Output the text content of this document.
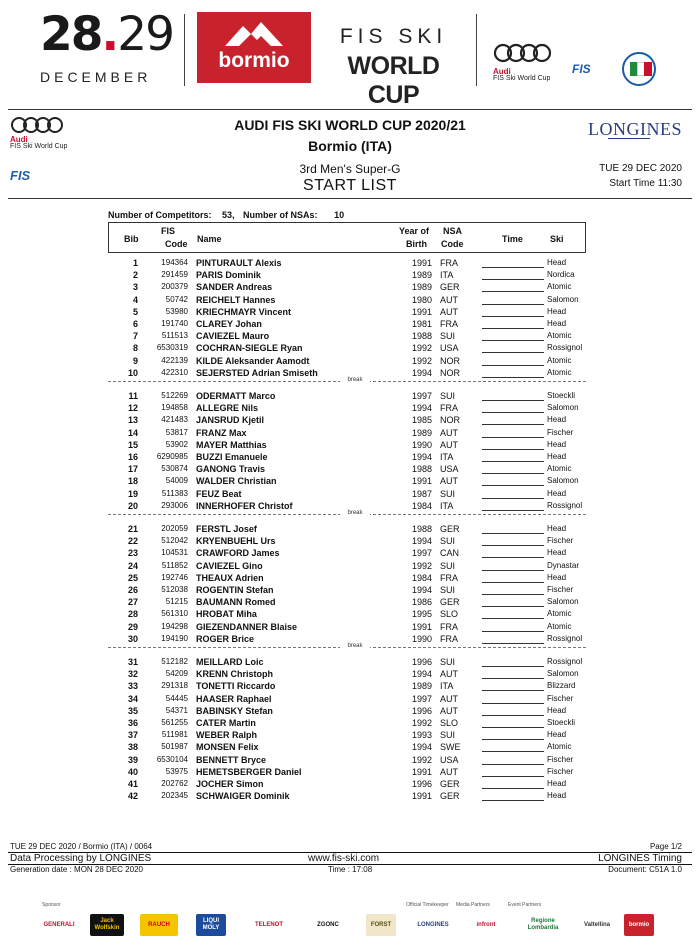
28.29
DECEMBER
bormio
FIS SKI
WORLD CUP
Audi
FIS Ski World Cup
FIS
Audi
FIS Ski World Cup
FIS
AUDI FIS SKI WORLD CUP 2020/21
Bormio (ITA)
3rd Men's Super-G
START LIST
LONGINES
TUE 29 DEC 2020
Start Time 11:30
Number of Competitors: 53, Number of NSAs: 10
Bib
FIS
Code Name
Year of
Birth
NSA
Code	Time	Ski
1	194364 PINTURAULT Alexis	1991 FRA	Head
2	291459 PARIS Dominik	1989 ITA	Nordica
3	200379 SANDER Andreas	1989 GER	Atomic
4	50742 REICHELT Hannes	1980 AUT	Salomon
5	53980 KRIECHMAYR Vincent	1991 AUT	Head
6	191740 CLAREY Johan	1981 FRA	Head
7	511513 CAVIEZEL Mauro	1988 SUI	Atomic
8	6530319 COCHRAN-SIEGLE Ryan	1992 USA	Rossignol
9	422139 KILDE Aleksander Aamodt	1992 NOR	Atomic
10	422310 SEJERSTED Adrian Smiseth	1994 NOR	Atomic
break
11	512269 ODERMATT Marco	1997 SUI	Stoeckli
12	194858 ALLEGRE Nils	1994 FRA	Salomon
13	421483 JANSRUD Kjetil	1985 NOR	Head
14	53817 FRANZ Max	1989 AUT	Fischer
15	53902 MAYER Matthias	1990 AUT	Head
16	6290985 BUZZI Emanuele	1994 ITA	Head
17	530874 GANONG Travis	1988 USA	Atomic
18	54009 WALDER Christian	1991 AUT	Salomon
19	511383 FEUZ Beat	1987 SUI	Head
20	293006 INNERHOFER Christof	1984 ITA	Rossignol
break
21	202059 FERSTL Josef	1988 GER	Head
22	512042 KRYENBUEHL Urs	1994 SUI	Fischer
23	104531 CRAWFORD James	1997 CAN	Head
24	511852 CAVIEZEL Gino	1992 SUI	Dynastar
25	192746 THEAUX Adrien	1984 FRA	Head
26	512038 ROGENTIN Stefan	1994 SUI	Fischer
27	51215 BAUMANN Romed	1986 GER	Salomon
28	561310 HROBAT Miha	1995 SLO	Atomic
29	194298 GIEZENDANNER Blaise	1991 FRA	Atomic
30	194190 ROGER Brice	1990 FRA	Rossignol
break
31	512182 MEILLARD Loic	1996 SUI	Rossignol
32	54209 KRENN Christoph	1994 AUT	Salomon
33	291318 TONETTI Riccardo	1989 ITA	Blizzard
34	54445 HAASER Raphael	1997 AUT	Fischer
35	54371 BABINSKY Stefan	1996 AUT	Head
36	561255 CATER Martin	1992 SLO	Stoeckli
37	511981 WEBER Ralph	1993 SUI	Head
38	501987 MONSEN Felix	1994 SWE	Atomic
39	6530104 BENNETT Bryce	1992 USA	Fischer
40	53975 HEMETSBERGER Daniel	1991 AUT	Fischer
41	202762 JOCHER Simon	1996 GER	Head
42	202345 SCHWAIGER Dominik	1991 GER	Head
TUE 29 DEC 2020 / Bormio (ITA) / 0064	Page 1/2
Data Processing by LONGINES	www.fis-ski.com	LONGINES Timing
Generation date : MON 28 DEC 2020	Time : 17:08	Document: C51A 1.0
Sponsor	Official Timekeeper Media Partners	Event Partners
GENERALI
Jack Wolfskin
RAUCH
LIQUI MOLY
TELENOT	ZGONC	FORST	LONGINES	infront
Regione Lombardia
Valtellina	bormio
